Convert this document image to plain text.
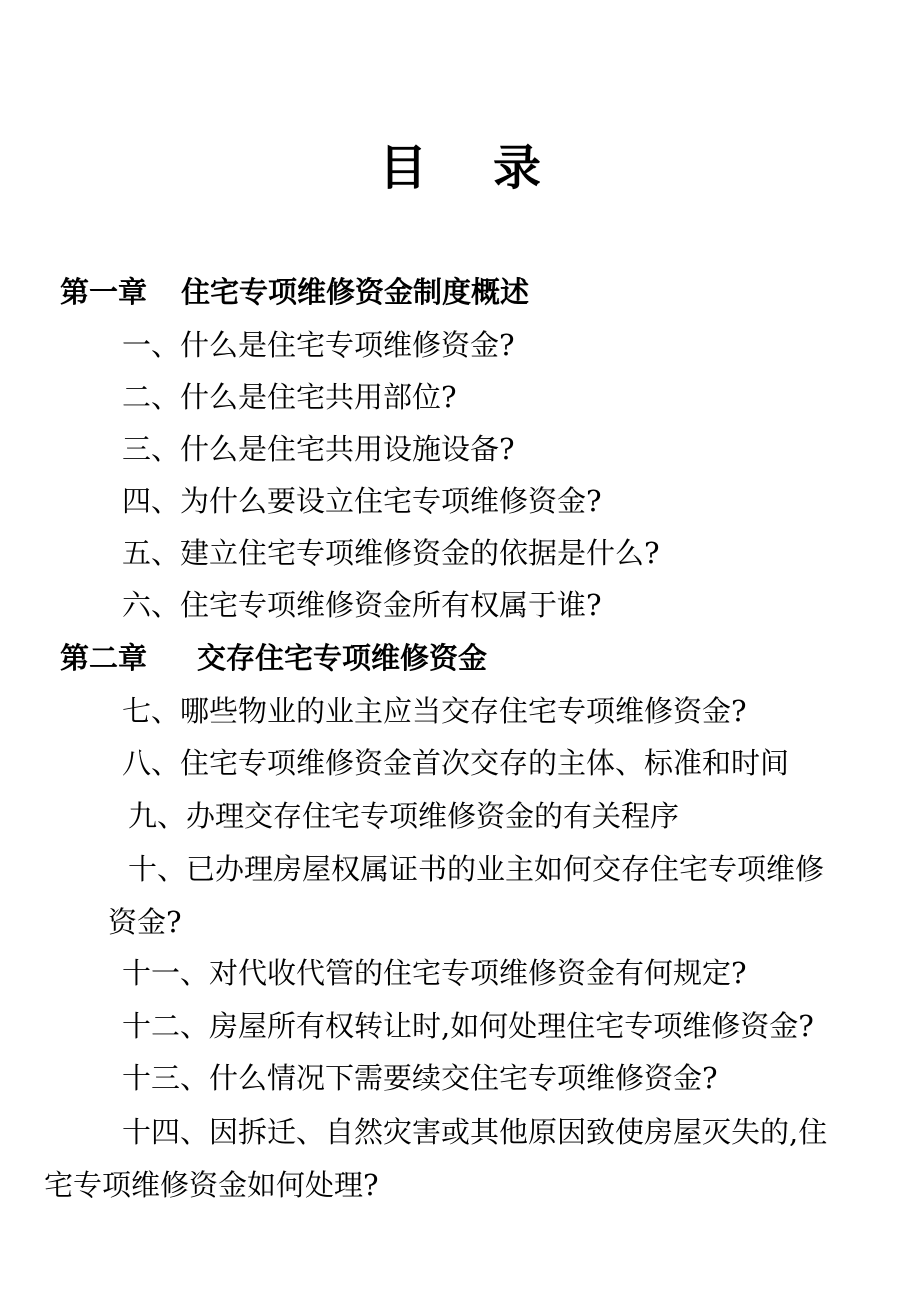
目 录
第一章 住宅专项维修资金制度概述
一、什么是住宅专项维修资金?
二、什么是住宅共用部位?
三、什么是住宅共用设施设备?
四、为什么要设立住宅专项维修资金?
五、建立住宅专项维修资金的依据是什么?
六、住宅专项维修资金所有权属于谁?
第二章 交存住宅专项维修资金
七、哪些物业的业主应当交存住宅专项维修资金?
八、住宅专项维修资金首次交存的主体、标准和时间
九、办理交存住宅专项维修资金的有关程序
十、已办理房屋权属证书的业主如何交存住宅专项维修
资金?
十一、对代收代管的住宅专项维修资金有何规定?
十二、房屋所有权转让时,如何处理住宅专项维修资金?
十三、什么情况下需要续交住宅专项维修资金?
十四、因拆迁、自然灾害或其他原因致使房屋灭失的,住
宅专项维修资金如何处理?
